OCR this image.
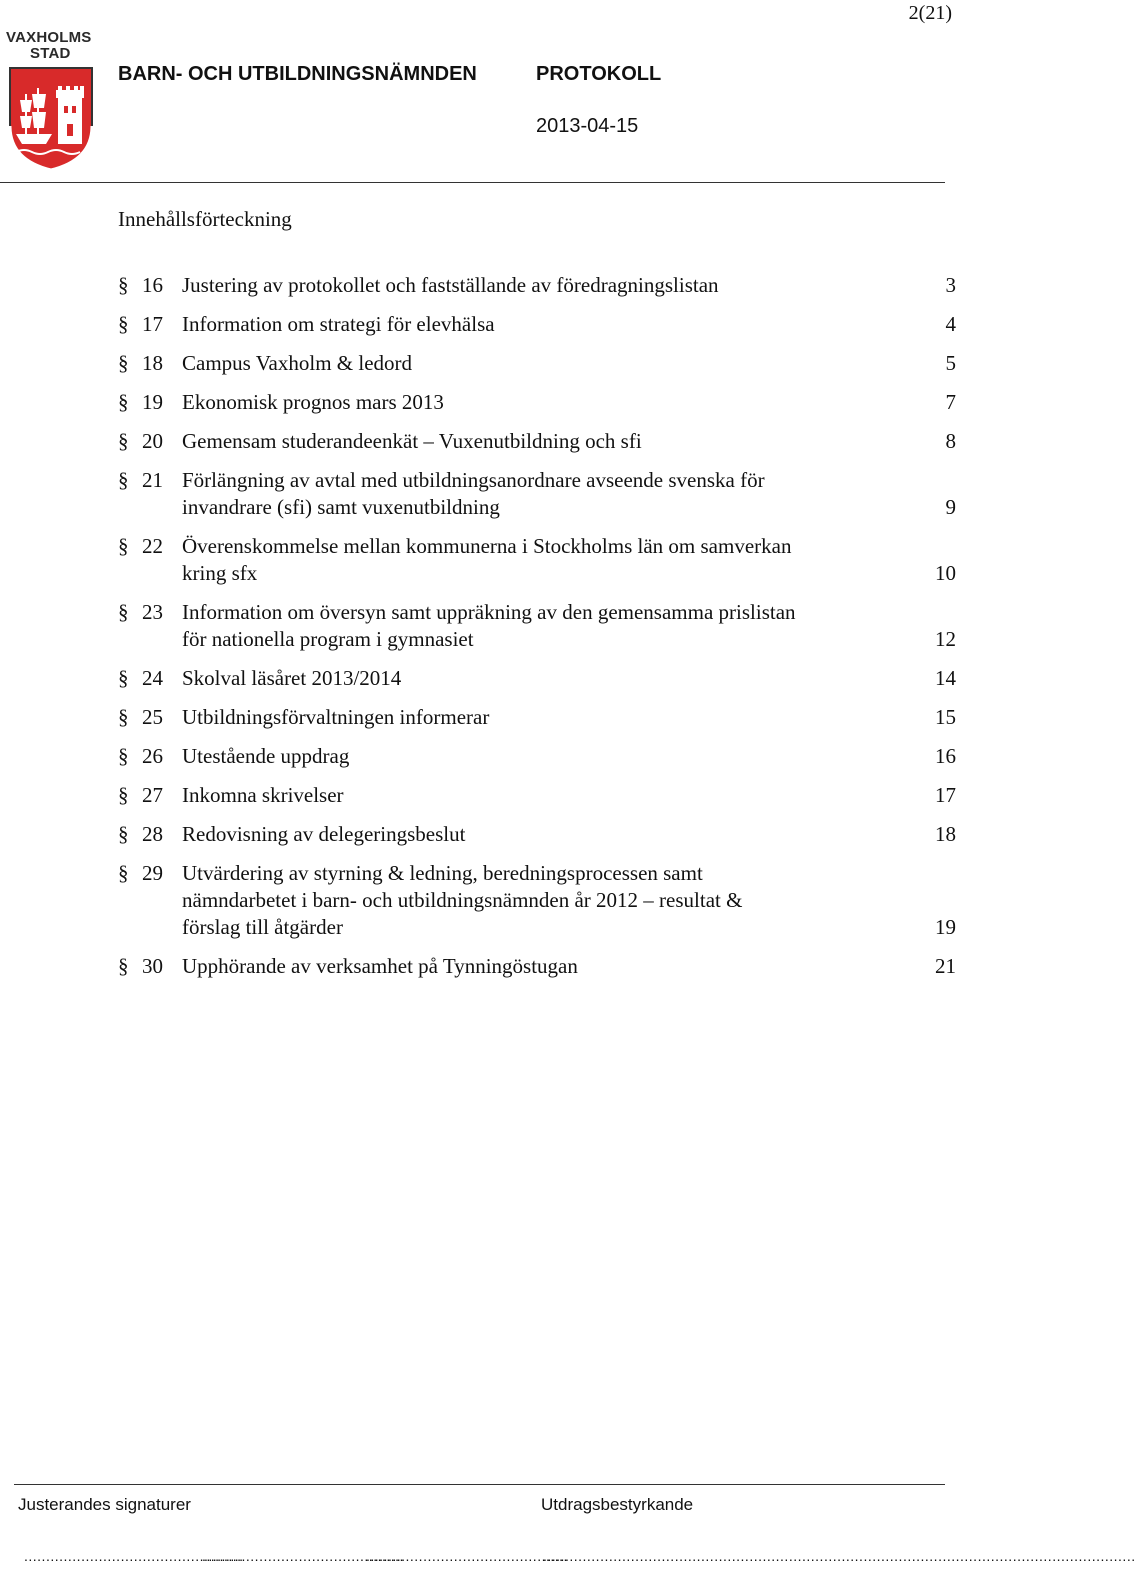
2(21)
VAXHOLMS
STAD
BARN- OCH UTBILDNINGSNÄMNDEN	PROTOKOLL
2013-04-15
Innehållsförteckning
§ 16 Justering av protokollet och fastställande av föredragningslistan	3
§ 17 Information om strategi för elevhälsa	4
§ 18 Campus Vaxholm & ledord	5
§ 19 Ekonomisk prognos mars 2013	7
§ 20 Gemensam studerandeenkät – Vuxenutbildning och sfi	8
§ 21 Förlängning av avtal med utbildningsanordnare avseende svenska för
invandrare (sfi) samt vuxenutbildning	9
§ 22 Överenskommelse mellan kommunerna i Stockholms län om samverkan
kring sfx	10
§ 23 Information om översyn samt uppräkning av den gemensamma prislistan
för nationella program i gymnasiet	12
§ 24 Skolval läsåret 2013/2014	14
§ 25 Utbildningsförvaltningen informerar	15
§ 26 Utestående uppdrag	16
§ 27 Inkomna skrivelser	17
§ 28 Redovisning av delegeringsbeslut	18
§ 29 Utvärdering av styrning & ledning, beredningsprocessen samt
nämndarbetet i barn- och utbildningsnämnden år 2012 – resultat &
förslag till åtgärder	19
§ 30 Upphörande av verksamhet på Tynningöstugan	21
Justerandes signaturer	Utdragsbestyrkande
..................................................
..............................................
..............................................
.......................................................................................................................................
